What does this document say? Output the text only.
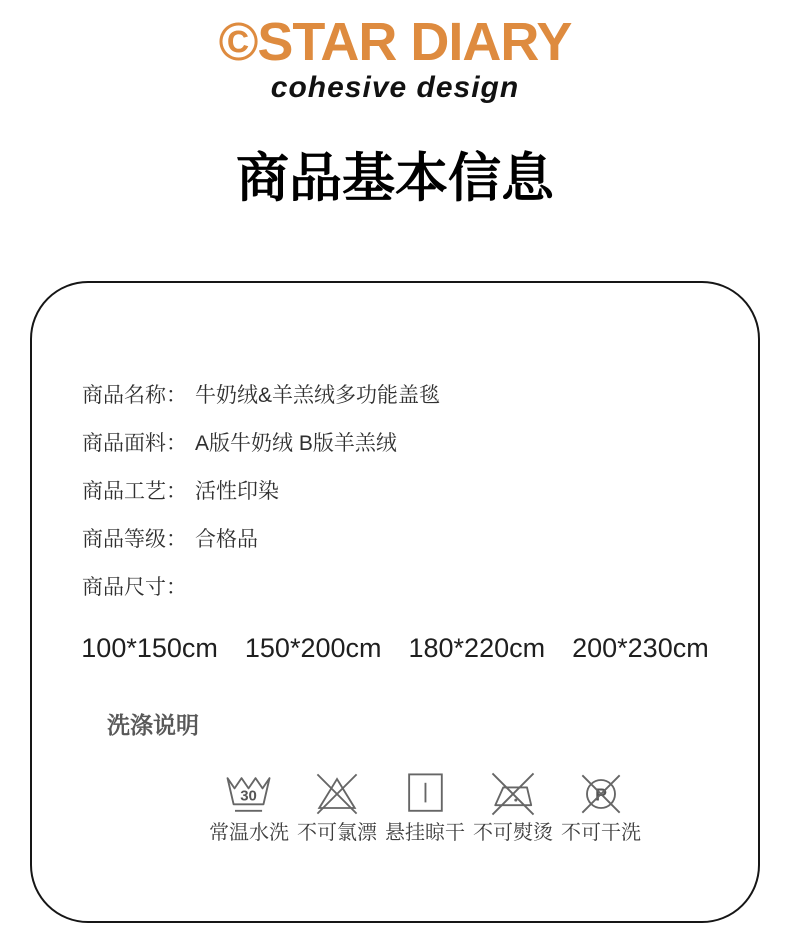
©STAR DIARY
cohesive design
商品基本信息
商品名称： 牛奶绒&羊羔绒多功能盖毯
商品面料： A版牛奶绒 B版羊羔绒
商品工艺： 活性印染
商品等级： 合格品
商品尺寸：
100*150cm 150*200cm 180*220cm 200*230cm
洗涤说明
30
常温水洗 不可氯漂 悬挂晾干 不可熨烫
P
不可干洗
